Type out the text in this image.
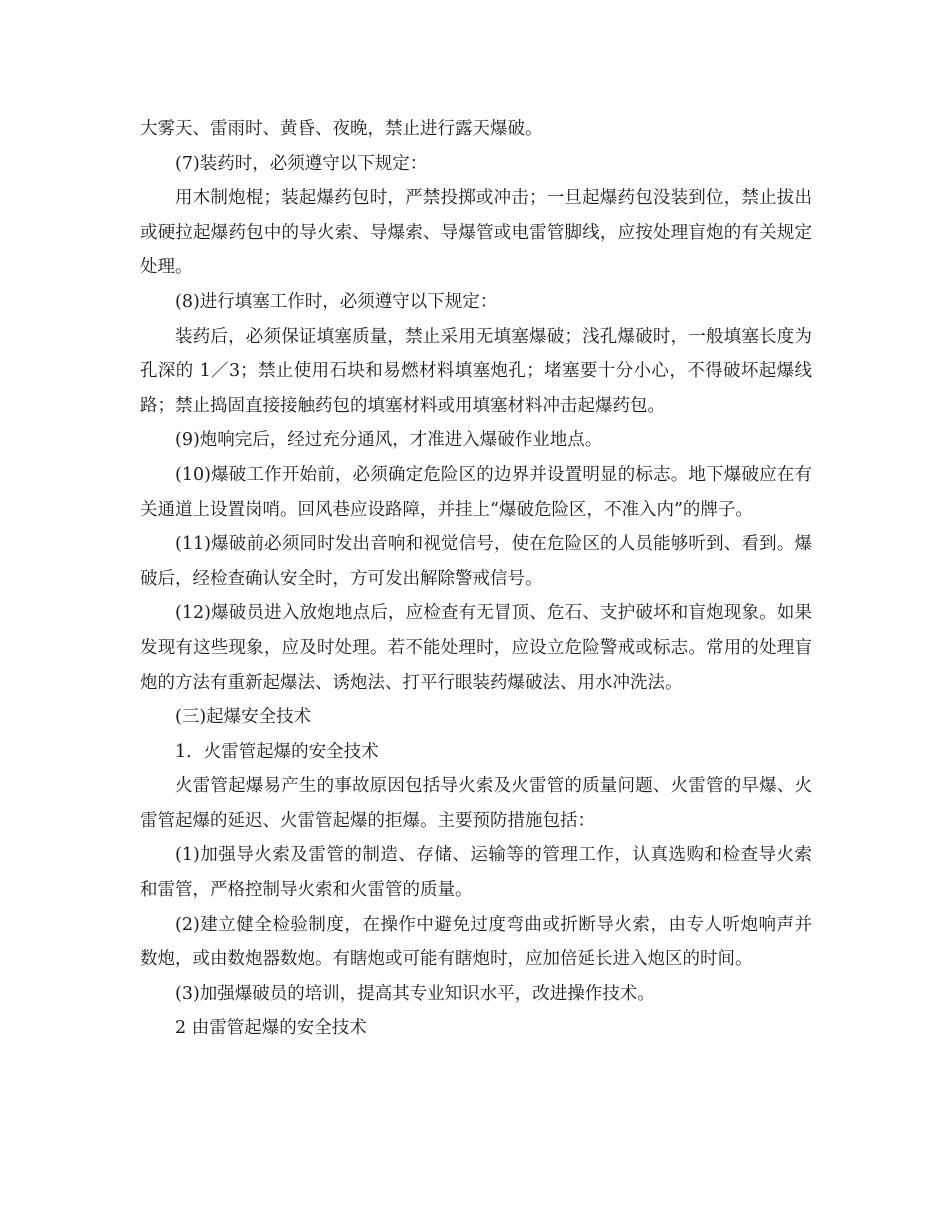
大雾天、雷雨时、黄昏、夜晚，禁止进行露天爆破。

(7)装药时，必须遵守以下规定：

用木制炮棍；装起爆药包时，严禁投掷或冲击；一旦起爆药包没装到位，禁止拔出或硬拉起爆药包中的导火索、导爆索、导爆管或电雷管脚线，应按处理盲炮的有关规定处理。

(8)进行填塞工作时，必须遵守以下规定：

装药后，必须保证填塞质量，禁止采用无填塞爆破；浅孔爆破时，一般填塞长度为孔深的 1／3；禁止使用石块和易燃材料填塞炮孔；堵塞要十分小心，不得破坏起爆线路；禁止捣固直接接触药包的填塞材料或用填塞材料冲击起爆药包。

(9)炮响完后，经过充分通风，才准进入爆破作业地点。

(10)爆破工作开始前，必须确定危险区的边界并设置明显的标志。地下爆破应在有关通道上设置岗哨。回风巷应设路障，并挂上“爆破危险区，不准入内”的牌子。

(11)爆破前必须同时发出音响和视觉信号，使在危险区的人员能够听到、看到。爆破后，经检查确认安全时，方可发出解除警戒信号。

(12)爆破员进入放炮地点后，应检查有无冒顶、危石、支护破坏和盲炮现象。如果发现有这些现象，应及时处理。若不能处理时，应设立危险警戒或标志。常用的处理盲炮的方法有重新起爆法、诱炮法、打平行眼装药爆破法、用水冲洗法。

(三)起爆安全技术

1．火雷管起爆的安全技术

火雷管起爆易产生的事故原因包括导火索及火雷管的质量问题、火雷管的早爆、火雷管起爆的延迟、火雷管起爆的拒爆。主要预防措施包括：

(1)加强导火索及雷管的制造、存储、运输等的管理工作，认真选购和检查导火索和雷管，严格控制导火索和火雷管的质量。

(2)建立健全检验制度，在操作中避免过度弯曲或折断导火索，由专人听炮响声并数炮，或由数炮器数炮。有瞎炮或可能有瞎炮时，应加倍延长进入炮区的时间。

(3)加强爆破员的培训，提高其专业知识水平，改进操作技术。

2 由雷管起爆的安全技术
